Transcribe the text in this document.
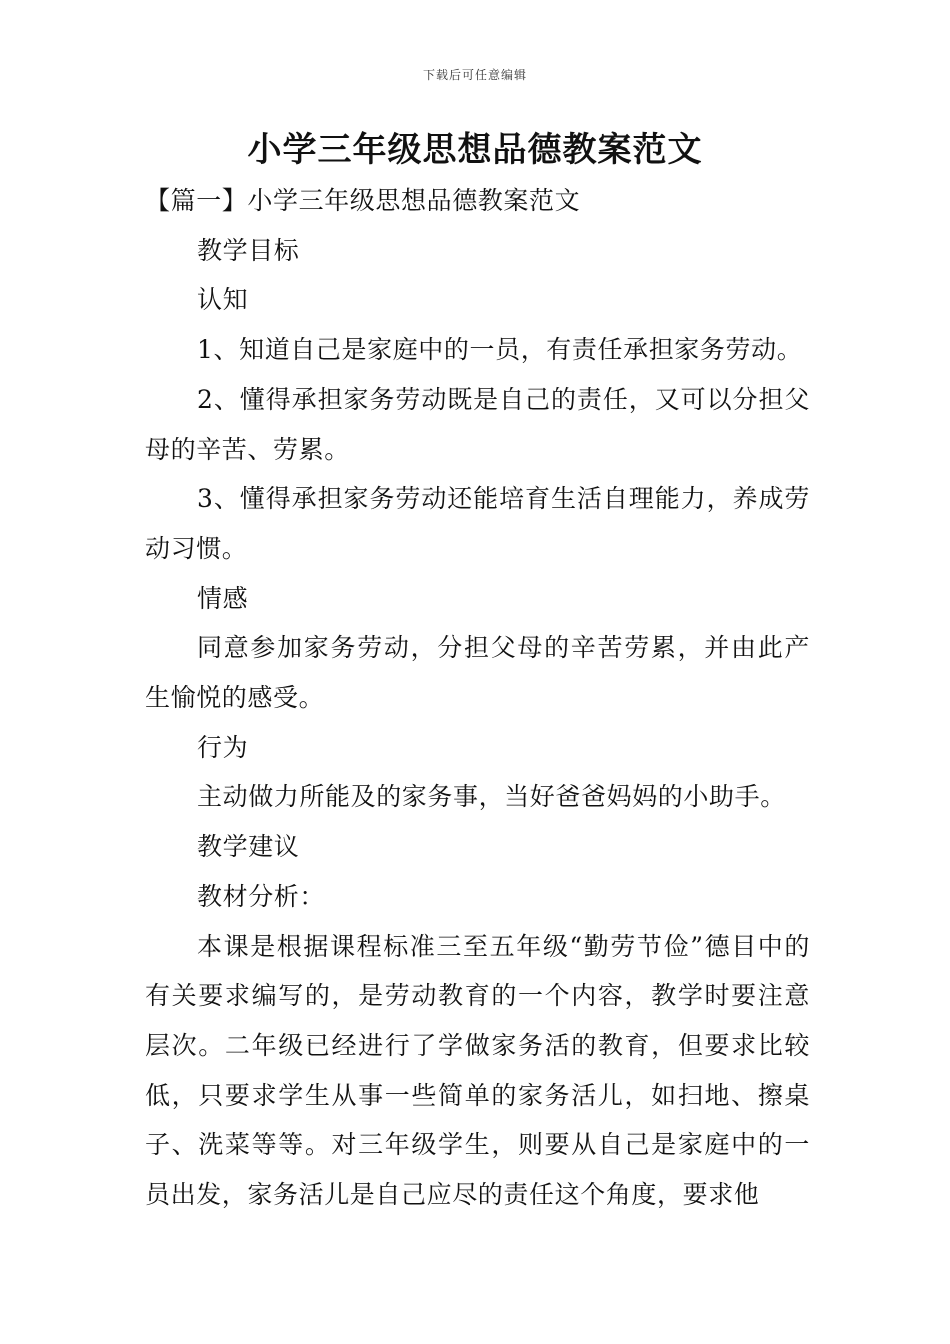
下载后可任意编辑
小学三年级思想品德教案范文

【篇一】小学三年级思想品德教案范文

教学目标

认知

1、知道自己是家庭中的一员，有责任承担家务劳动。

2、懂得承担家务劳动既是自己的责任，又可以分担父母的辛苦、劳累。

3、懂得承担家务劳动还能培育生活自理能力，养成劳动习惯。

情感

同意参加家务劳动，分担父母的辛苦劳累，并由此产生愉悦的感受。

行为

主动做力所能及的家务事，当好爸爸妈妈的小助手。

教学建议

教材分析：

本课是根据课程标准三至五年级“勤劳节俭”德目中的有关要求编写的，是劳动教育的一个内容，教学时要注意层次。二年级已经进行了学做家务活的教育，但要求比较低，只要求学生从事一些简单的家务活儿，如扫地、擦桌子、洗菜等等。对三年级学生，则要从自己是家庭中的一员出发，家务活儿是自己应尽的责任这个角度，要求他
